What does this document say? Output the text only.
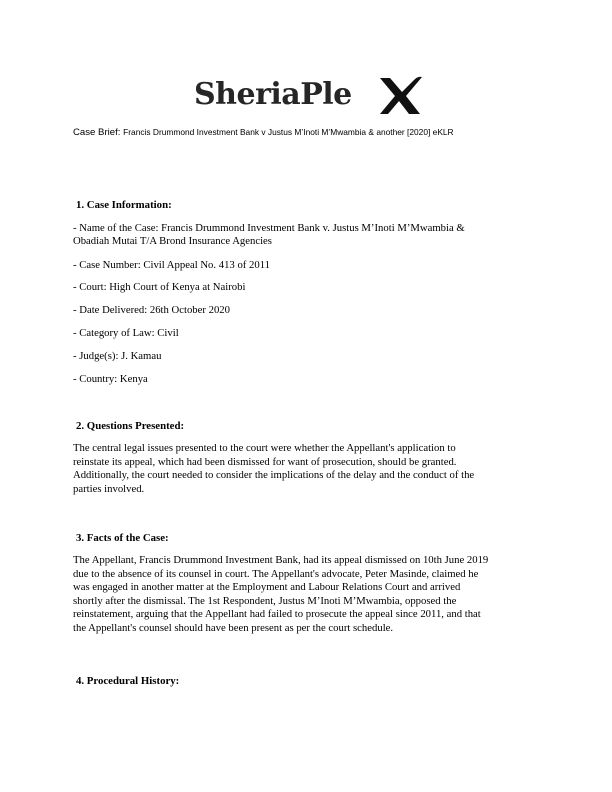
SheriaPle
Case Brief: Francis Drummond Investment Bank v Justus M’Inoti M’Mwambia & another [2020] eKLR

1. Case Information:

- Name of the Case: Francis Drummond Investment Bank v. Justus M’Inoti M’Mwambia &

Obadiah Mutai T/A Brond Insurance Agencies

- Case Number: Civil Appeal No. 413 of 2011

- Court: High Court of Kenya at Nairobi

- Date Delivered: 26th October 2020

- Category of Law: Civil

- Judge(s): J. Kamau

- Country: Kenya

2. Questions Presented:

The central legal issues presented to the court were whether the Appellant's application to

reinstate its appeal, which had been dismissed for want of prosecution, should be granted.

Additionally, the court needed to consider the implications of the delay and the conduct of the

parties involved.

3. Facts of the Case:

The Appellant, Francis Drummond Investment Bank, had its appeal dismissed on 10th June 2019

due to the absence of its counsel in court. The Appellant's advocate, Peter Masinde, claimed he

was engaged in another matter at the Employment and Labour Relations Court and arrived

shortly after the dismissal. The 1st Respondent, Justus M’Inoti M’Mwambia, opposed the

reinstatement, arguing that the Appellant had failed to prosecute the appeal since 2011, and that

the Appellant's counsel should have been present as per the court schedule.

4. Procedural History:
